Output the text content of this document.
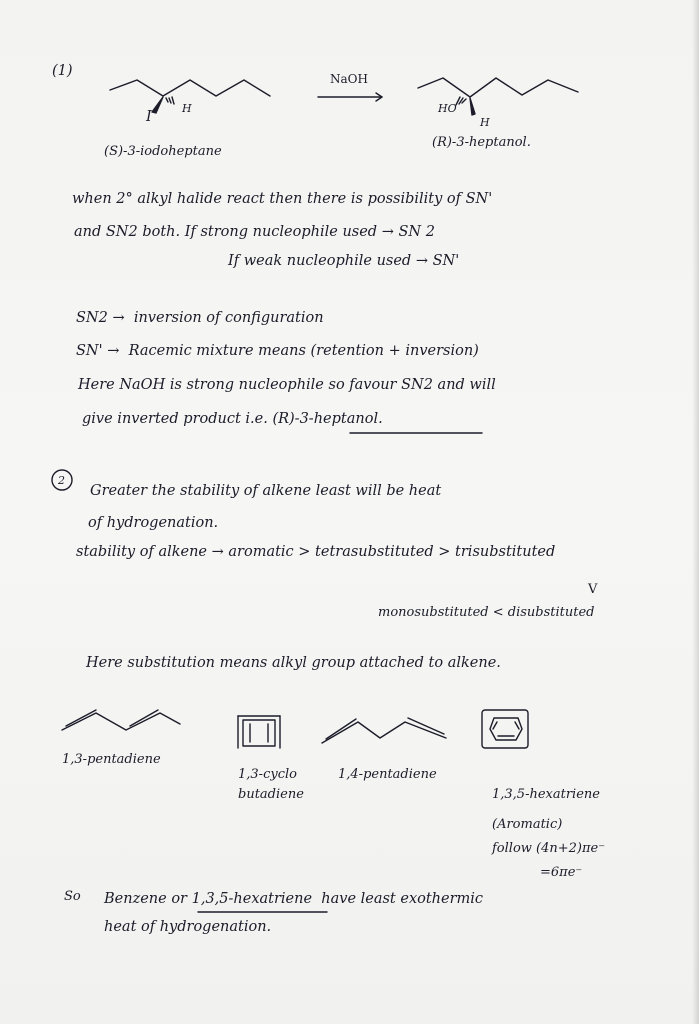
(1)	NaOH
I
H	HO
H
(S)-3-iodoheptane
(R)-3-heptanol.
when 2° alkyl halide react then there is possibility of SN'
and SN2 both. If strong nucleophile used → SN 2
If weak nucleophile used → SN'
SN2 → inversion of configuration
SN' → Racemic mixture means (retention + inversion)
Here NaOH is strong nucleophile so favour SN2 and will
give inverted product i.e. (R)-3-heptanol.
2
Greater the stability of alkene least will be heat
of hydrogenation.
stability of alkene → aromatic > tetrasubstituted > trisubstituted
V
monosubstituted < disubstituted
Here substitution means alkyl group attached to alkene.
1,3-pentadiene
1,3-cyclo
butadiene
1,4-pentadiene
1,3,5-hexatriene
(Aromatic)
follow (4n+2)πe⁻
=6πe⁻
So Benzene or 1,3,5-hexatriene have least exothermic
heat of hydrogenation.
